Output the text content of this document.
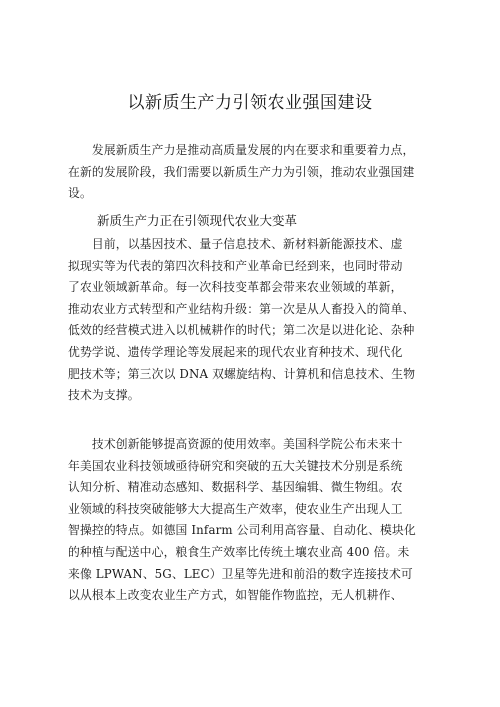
以新质生产力引领农业强国建设
　　发展新质生产力是推动高质量发展的内在要求和重要着力点，
在新的发展阶段，我们需要以新质生产力为引领，推动农业强国建
设。
新质生产力正在引领现代农业大变革
　　目前，以基因技术、量子信息技术、新材料新能源技术、虚
拟现实等为代表的第四次科技和产业革命已经到来，也同时带动
了农业领域新革命。每一次科技变革都会带来农业领域的革新，
推动农业方式转型和产业结构升级：第一次是从人畜投入的简单、
低效的经营模式进入以机械耕作的时代；第二次是以进化论、杂种
优势学说、遗传学理论等发展起来的现代农业育种技术、现代化
肥技术等；第三次以 DNA 双螺旋结构、计算机和信息技术、生物
技术为支撑。
　　技术创新能够提高资源的使用效率。美国科学院公布未来十
年美国农业科技领域亟待研究和突破的五大关键技术分别是系统
认知分析、精准动态感知、数据科学、基因编辑、微生物组。农
业领域的科技突破能够大大提高生产效率，使农业生产出现人工
智操控的特点。如德国 Infarm 公司利用高容量、自动化、模块化
的种植与配送中心，粮食生产效率比传统土壤农业高 400 倍。未
来像 LPWAN、5G、LEC）卫星等先进和前沿的数字连接技术可
以从根本上改变农业生产方式，如智能作物监控，无人机耕作、
